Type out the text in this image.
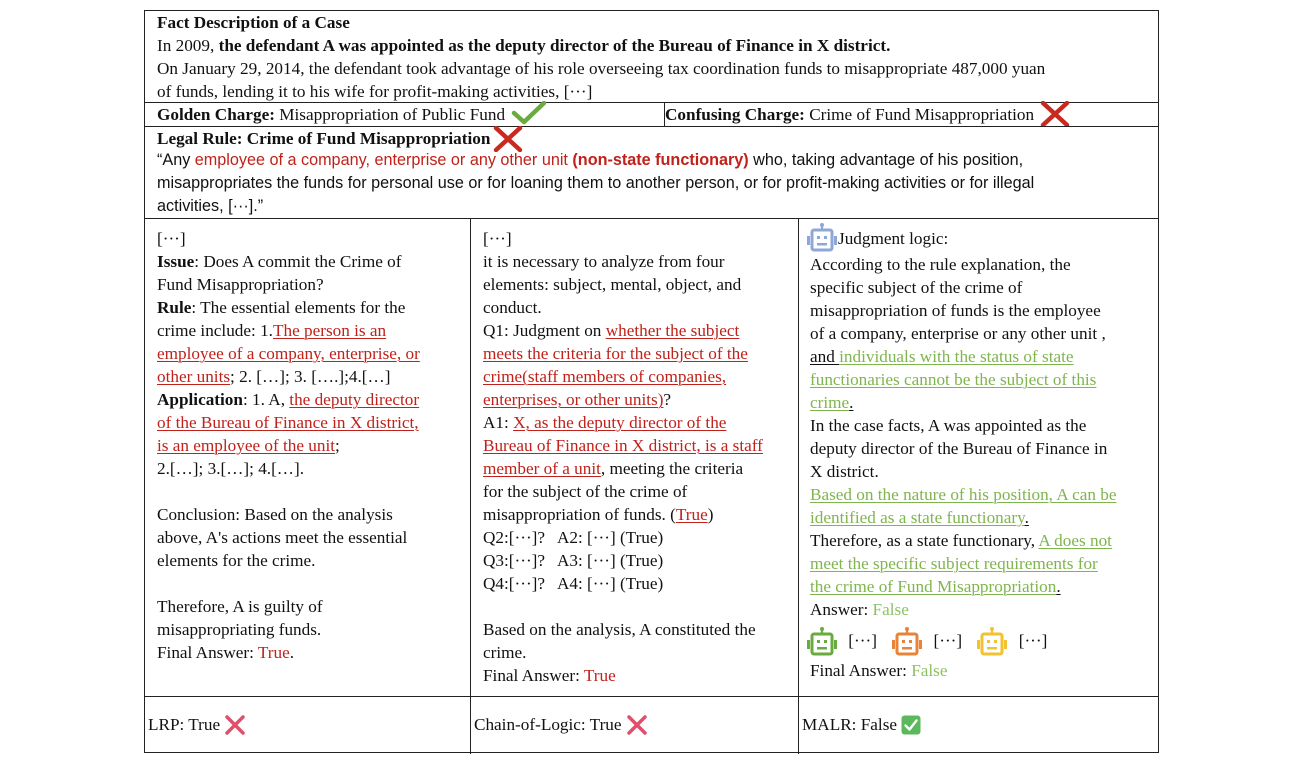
Fact Description of a Case
In 2009, the defendant A was appointed as the deputy director of the Bureau of Finance in X district.
On January 29, 2014, the defendant took advantage of his role overseeing tax coordination funds to misappropriate 487,000 yuan
of funds, lending it to his wife for profit-making activities, [···]
Golden Charge: Misappropriation of Public Fund	Confusing Charge: Crime of Fund Misappropriation
Legal Rule: Crime of Fund Misappropriation
“Any employee of a company, enterprise or any other unit (non-state functionary) who, taking advantage of his position,
misappropriates the funds for personal use or for loaning them to another person, or for profit-making activities or for illegal
activities, [···].”
[···]
Issue: Does A commit the Crime of
Fund Misappropriation?
Rule: The essential elements for the
crime include: 1.The person is an
employee of a company, enterprise, or
other units; 2. […]; 3. [….];4.[…]
Application: 1. A, the deputy director
of the Bureau of Finance in X district,
is an employee of the unit;
2.[…]; 3.[…]; 4.[…].

Conclusion: Based on the analysis
above, A's actions meet the essential
elements for the crime.

Therefore, A is guilty of
misappropriating funds.
Final Answer: True.
[···]
it is necessary to analyze from four
elements: subject, mental, object, and
conduct.
Q1: Judgment on whether the subject
meets the criteria for the subject of the
crime(staff members of companies,
enterprises, or other units)?
A1: X, as the deputy director of the
Bureau of Finance in X district, is a staff
member of a unit, meeting the criteria
for the subject of the crime of
misappropriation of funds. (True)
Q2:[···]?   A2: [···] (True)
Q3:[···]?   A3: [···] (True)
Q4:[···]?   A4: [···] (True)

Based on the analysis, A constituted the
crime.
Final Answer: True
Judgment logic:
According to the rule explanation, the
specific subject of the crime of
misappropriation of funds is the employee
of a company, enterprise or any other unit ,
and individuals with the status of state
functionaries cannot be the subject of this
crime.
In the case facts, A was appointed as the
deputy director of the Bureau of Finance in
X district.
Based on the nature of his position, A can be
identified as a state functionary.
Therefore, as a state functionary, A does not
meet the specific subject requirements for
the crime of Fund Misappropriation.
Answer: False
[···]	[···]	[···]
Final Answer: False
LRP: True	Chain-of-Logic: True	MALR: False
